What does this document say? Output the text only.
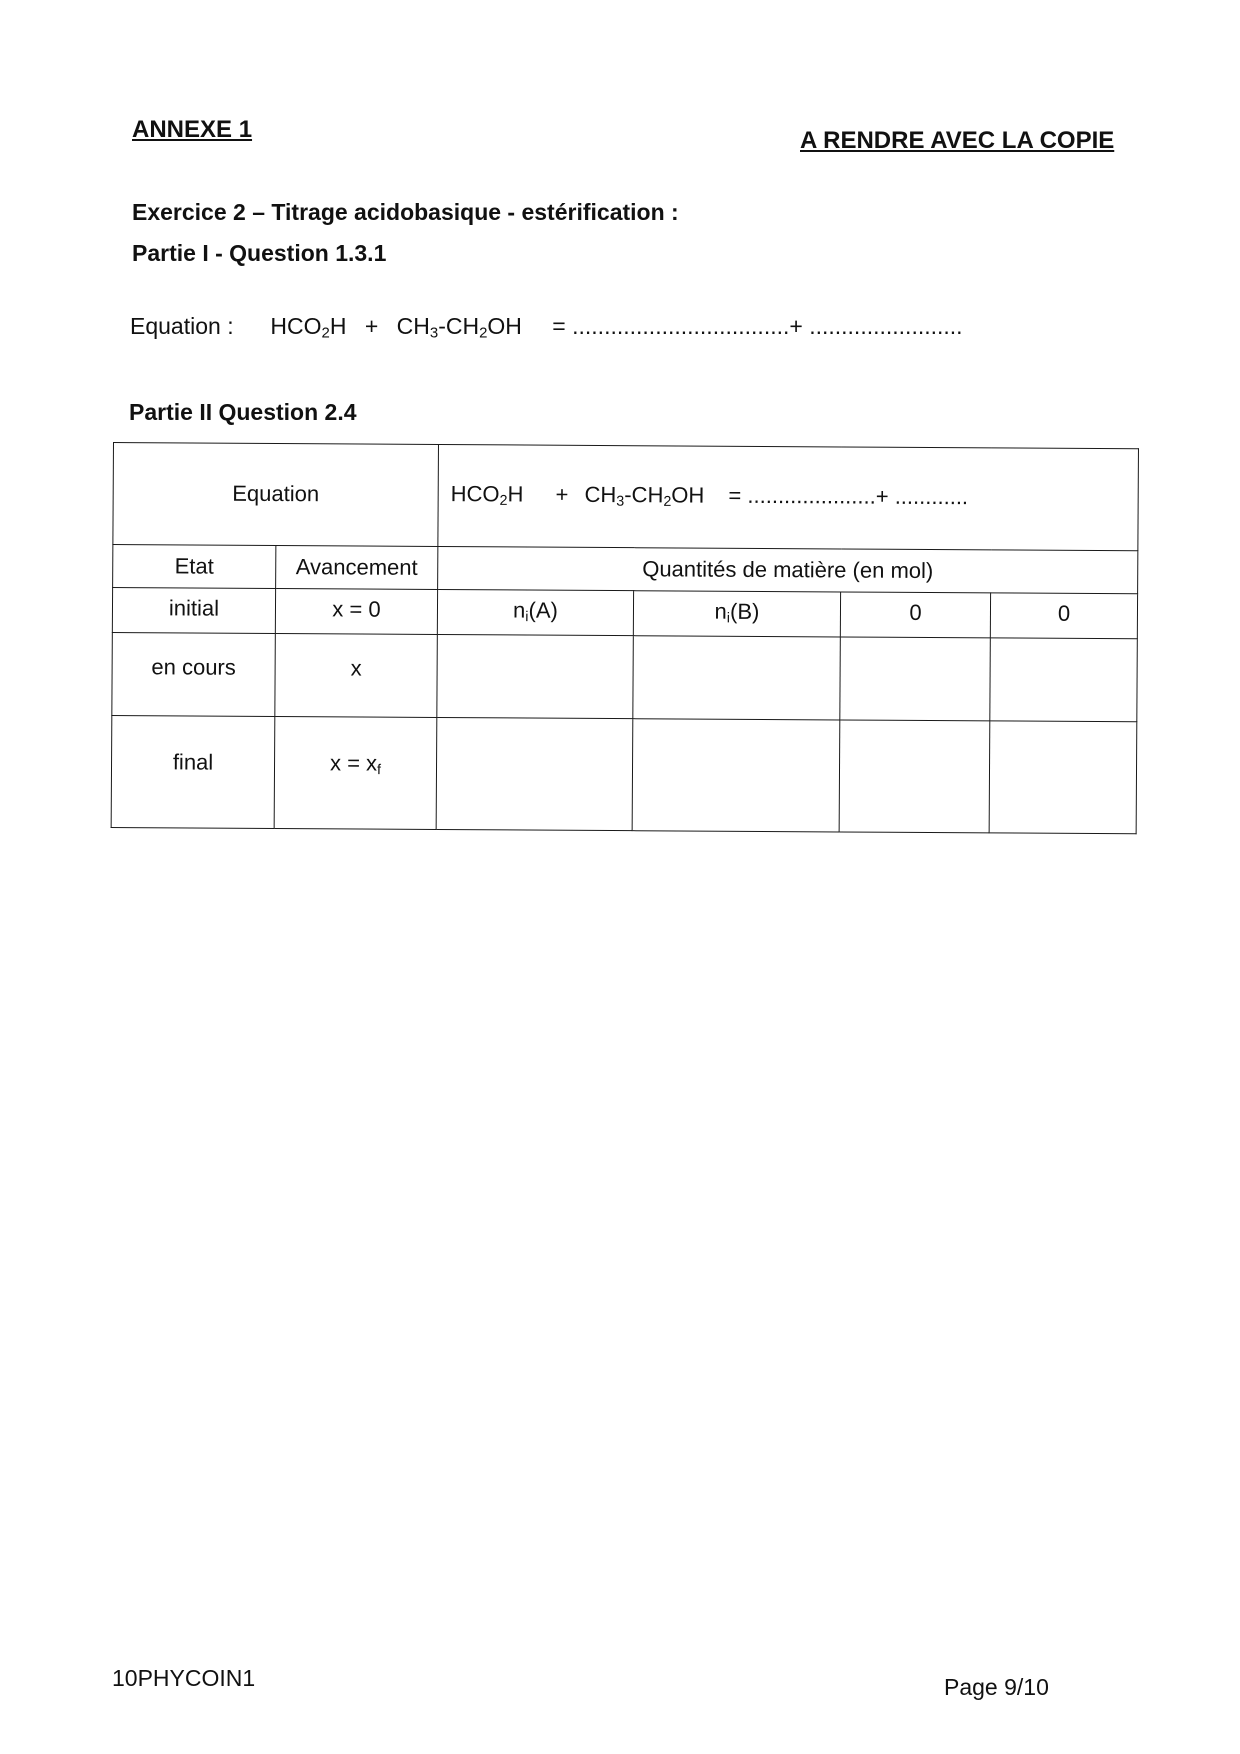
ANNEXE 1	A RENDRE AVEC LA COPIE
Exercice 2 – Titrage acidobasique - estérification :
Partie I - Question 1.3.1
Equation : $HCO_2H + CH_3-CH_2OH$ = ..................................+ ........................
Partie II Question 2.4
Equation		$HCO_2H + CH_3-CH_2OH$ = .....................+ ............			
Etat	Avancement	Quantités de matière (en mol)			
initial	x = 0	$n_i(A)$	$n_i(B)$	0	0
en cours	x				
final	$x = x_f$				
10PHYCOIN1	Page 9/10
